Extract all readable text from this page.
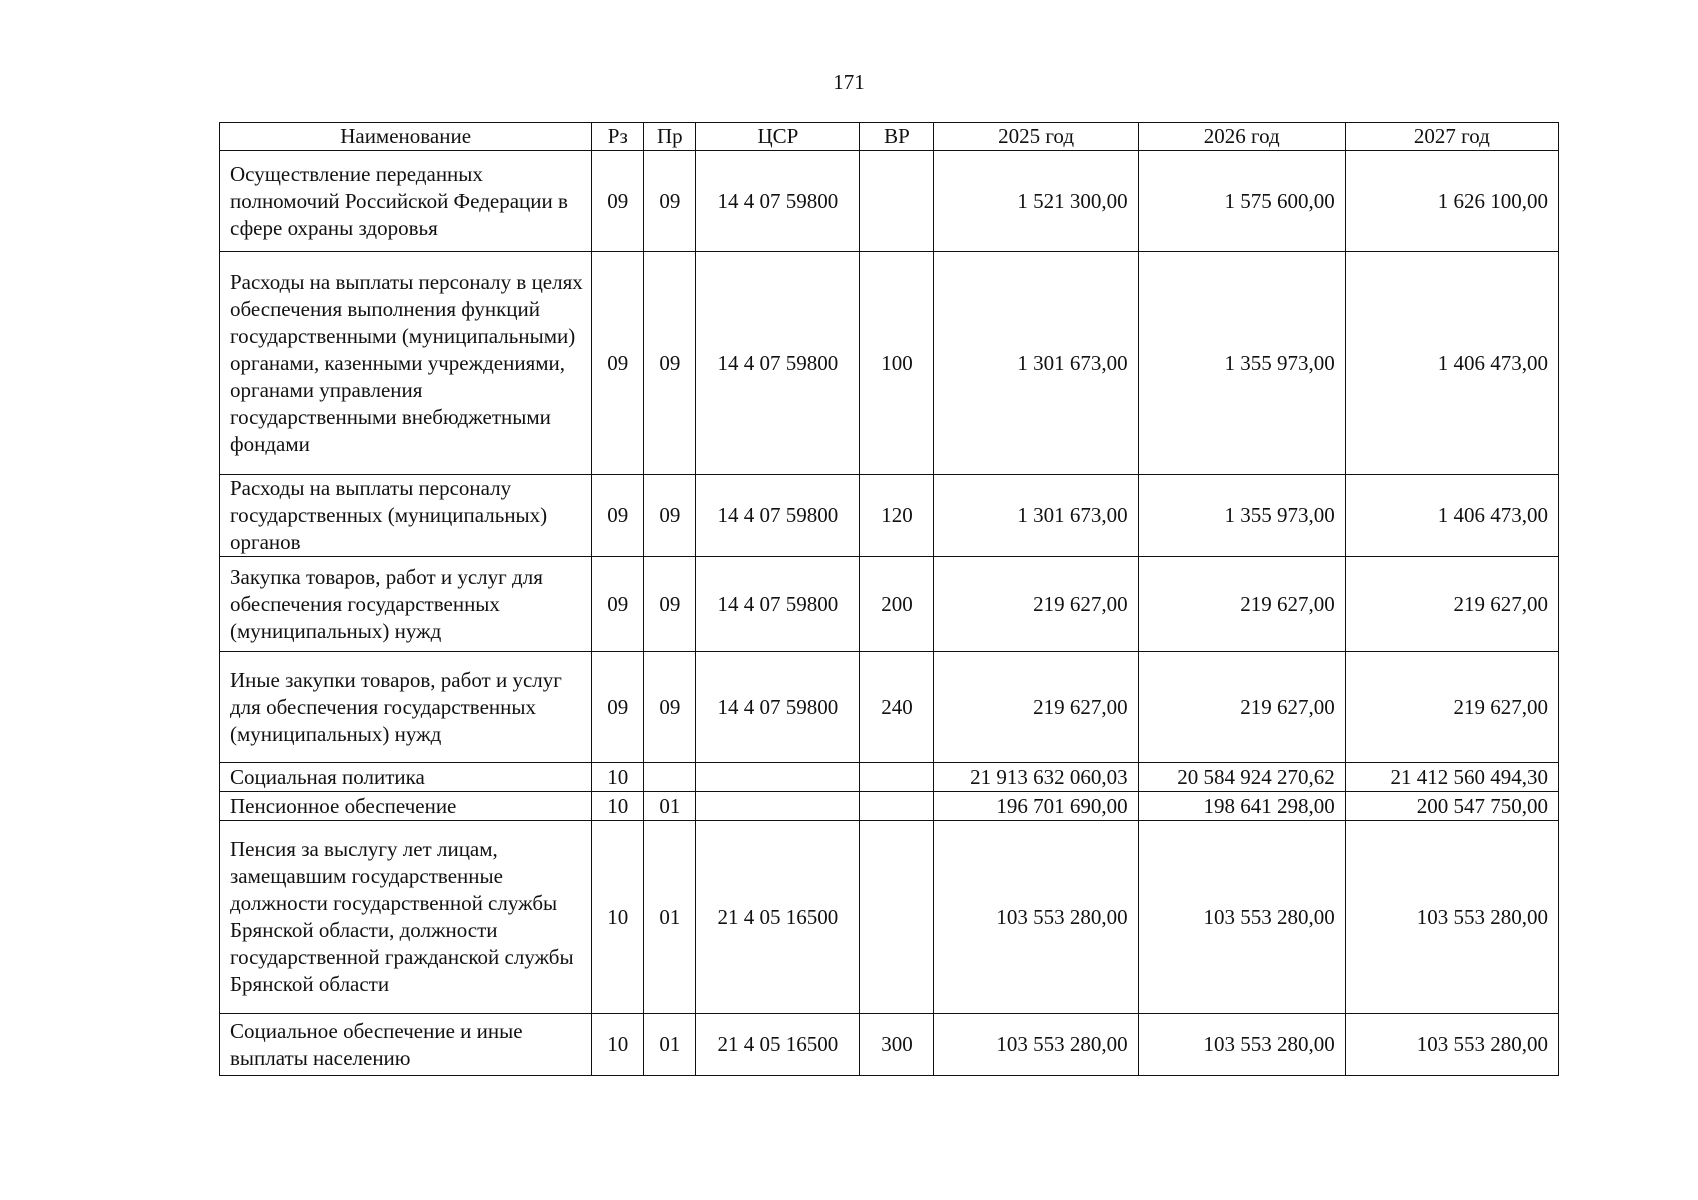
171
Наименование	Рз	Пр	ЦСР	ВР	2025 год	2026 год	2027 год
Осуществление переданных полномочий Российской Федерации в сфере охраны здоровья	09	09	14 4 07 59800		1 521 300,00	1 575 600,00	1 626 100,00
Расходы на выплаты персоналу в целях обеспечения выполнения функций государственными (муниципальными) органами, казенными учреждениями, органами управления государственными внебюджетными фондами	09	09	14 4 07 59800	100	1 301 673,00	1 355 973,00	1 406 473,00
Расходы на выплаты персоналу государственных (муниципальных) органов	09	09	14 4 07 59800	120	1 301 673,00	1 355 973,00	1 406 473,00
Закупка товаров, работ и услуг для обеспечения государственных (муниципальных) нужд	09	09	14 4 07 59800	200	219 627,00	219 627,00	219 627,00
Иные закупки товаров, работ и услуг для обеспечения государственных (муниципальных) нужд	09	09	14 4 07 59800	240	219 627,00	219 627,00	219 627,00
Социальная политика	10				21 913 632 060,03	20 584 924 270,62	21 412 560 494,30
Пенсионное обеспечение	10	01			196 701 690,00	198 641 298,00	200 547 750,00
Пенсия за выслугу лет лицам, замещавшим государственные должности государственной службы Брянской области, должности государственной гражданской службы Брянской области	10	01	21 4 05 16500		103 553 280,00	103 553 280,00	103 553 280,00
Социальное обеспечение и иные выплаты населению	10	01	21 4 05 16500	300	103 553 280,00	103 553 280,00	103 553 280,00
